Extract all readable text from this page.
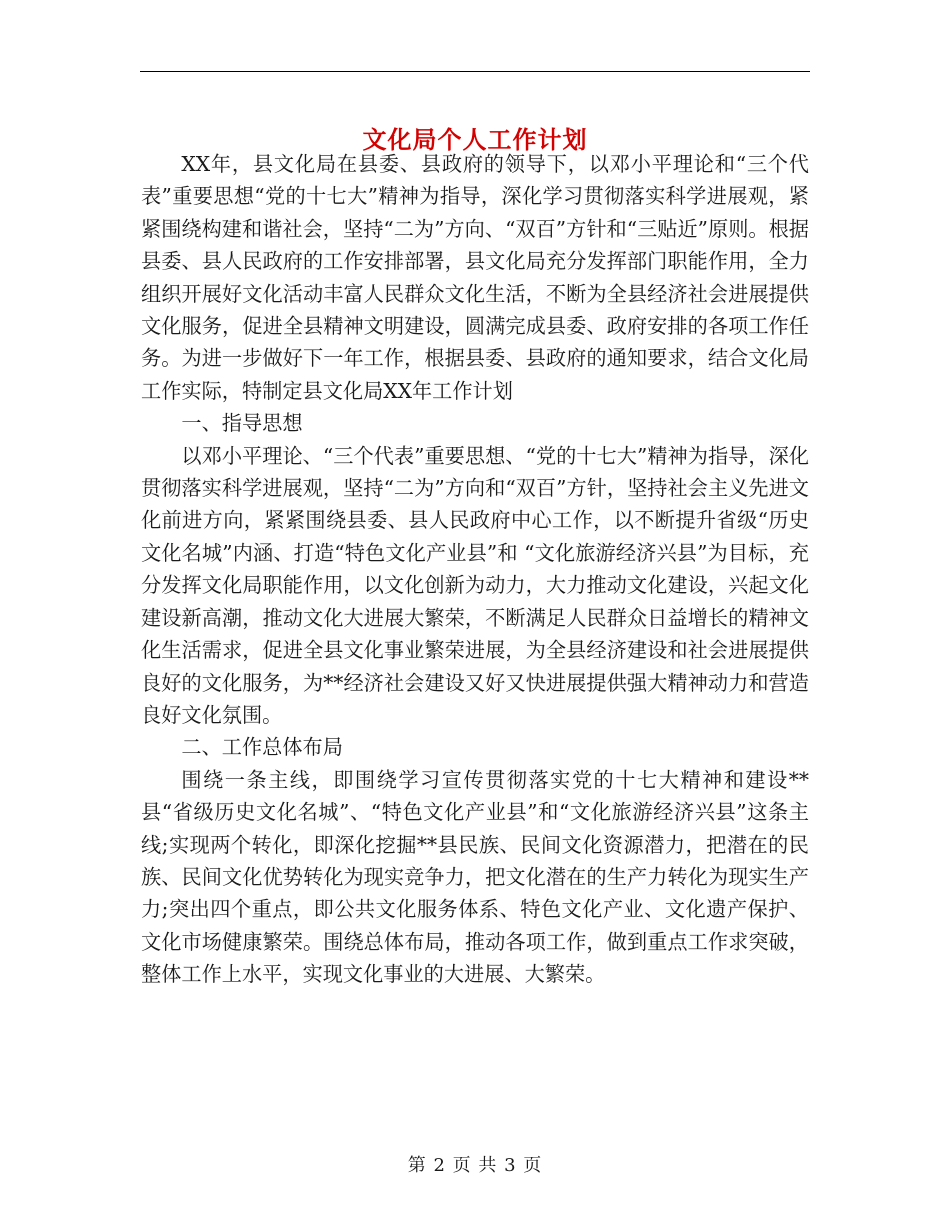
文化局个人工作计划

XX年，县文化局在县委、县政府的领导下，以邓小平理论和“三个代表”重要思想“党的十七大”精神为指导，深化学习贯彻落实科学进展观，紧紧围绕构建和谐社会，坚持“二为”方向、“双百”方针和“三贴近”原则。根据县委、县人民政府的工作安排部署，县文化局充分发挥部门职能作用，全力组织开展好文化活动丰富人民群众文化生活，不断为全县经济社会进展提供文化服务，促进全县精神文明建设，圆满完成县委、政府安排的各项工作任务。为进一步做好下一年工作，根据县委、县政府的通知要求，结合文化局工作实际，特制定县文化局XX年工作计划

一、指导思想

以邓小平理论、“三个代表”重要思想、“党的十七大”精神为指导，深化贯彻落实科学进展观，坚持“二为”方向和“双百”方针，坚持社会主义先进文化前进方向，紧紧围绕县委、县人民政府中心工作，以不断提升省级“历史文化名城”内涵、打造“特色文化产业县”和 “文化旅游经济兴县”为目标，充分发挥文化局职能作用，以文化创新为动力，大力推动文化建设，兴起文化建设新高潮，推动文化大进展大繁荣，不断满足人民群众日益增长的精神文化生活需求，促进全县文化事业繁荣进展，为全县经济建设和社会进展提供良好的文化服务，为**经济社会建设又好又快进展提供强大精神动力和营造良好文化氛围。

二、工作总体布局

围绕一条主线，即围绕学习宣传贯彻落实党的十七大精神和建设**县“省级历史文化名城”、“特色文化产业县”和“文化旅游经济兴县”这条主线;实现两个转化，即深化挖掘**县民族、民间文化资源潜力，把潜在的民族、民间文化优势转化为现实竞争力，把文化潜在的生产力转化为现实生产力;突出四个重点，即公共文化服务体系、特色文化产业、文化遗产保护、文化市场健康繁荣。围绕总体布局，推动各项工作，做到重点工作求突破，整体工作上水平，实现文化事业的大进展、大繁荣。

第 2 页 共 3 页
